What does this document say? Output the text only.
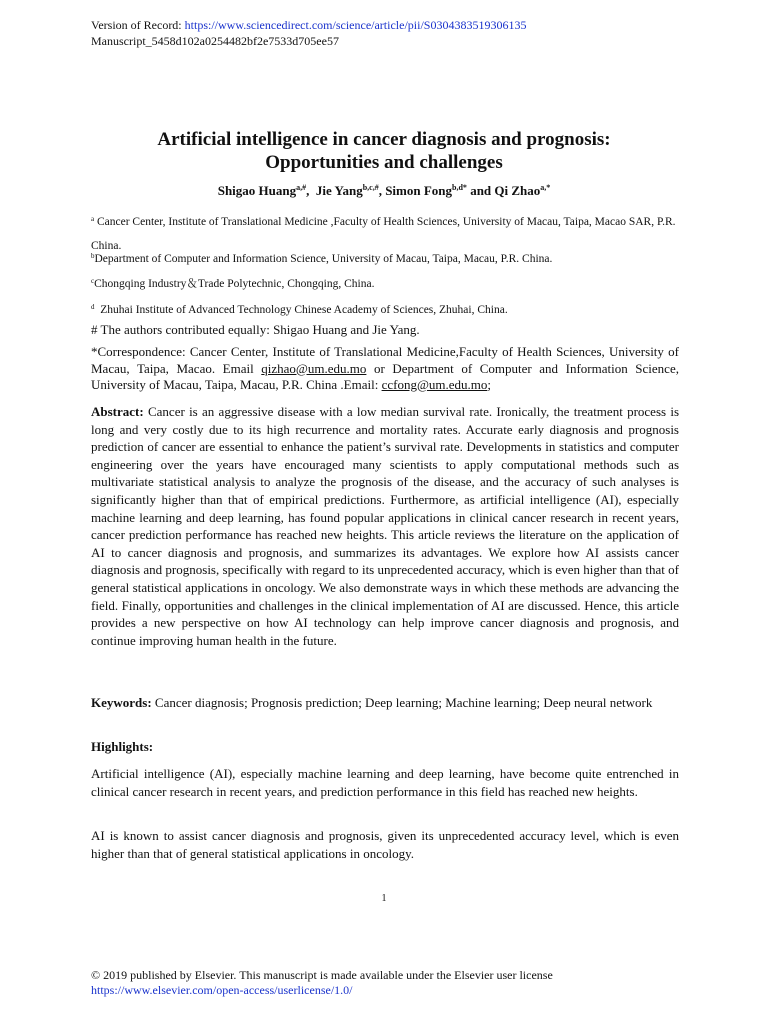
Version of Record: https://www.sciencedirect.com/science/article/pii/S0304383519306135
Manuscript_5458d102a0254482bf2e7533d705ee57
Artificial intelligence in cancer diagnosis and prognosis:
Opportunities and challenges
Shigao Huang$^{a,\#}$,  Jie Yang$^{b,c,\#}$, Simon Fong$^{b,d*}$ and Qi Zhao$^{a,*}$
$^a$ Cancer Center, Institute of Translational Medicine ,Faculty of Health Sciences, University of Macau, Taipa, Macao SAR, P.R. China.
$^b$Department of Computer and Information Science, University of Macau, Taipa, Macau, P.R. China.
$^c$Chongqing Industry＆Trade Polytechnic, Chongqing, China.
$^d$  Zhuhai Institute of Advanced Technology Chinese Academy of Sciences, Zhuhai, China.
# The authors contributed equally: Shigao Huang and Jie Yang.
*Correspondence: Cancer Center, Institute of Translational Medicine,Faculty of Health Sciences, University of Macau, Taipa, Macao. Email qizhao@um.edu.mo or Department of Computer and Information Science, University of Macau, Taipa, Macau, P.R. China .Email: ccfong@um.edu.mo;
Abstract: Cancer is an aggressive disease with a low median survival rate. Ironically, the treatment process is long and very costly due to its high recurrence and mortality rates. Accurate early diagnosis and prognosis prediction of cancer are essential to enhance the patient’s survival rate. Developments in statistics and computer engineering over the years have encouraged many scientists to apply computational methods such as multivariate statistical analysis to analyze the prognosis of the disease, and the accuracy of such analyses is significantly higher than that of empirical predictions. Furthermore, as artificial intelligence (AI), especially machine learning and deep learning, has found popular applications in clinical cancer research in recent years, cancer prediction performance has reached new heights. This article reviews the literature on the application of AI to cancer diagnosis and prognosis, and summarizes its advantages. We explore how AI assists cancer diagnosis and prognosis, specifically with regard to its unprecedented accuracy, which is even higher than that of general statistical applications in oncology. We also demonstrate ways in which these methods are advancing the field. Finally, opportunities and challenges in the clinical implementation of AI are discussed. Hence, this article provides a new perspective on how AI technology can help improve cancer diagnosis and prognosis, and continue improving human health in the future.
Keywords: Cancer diagnosis; Prognosis prediction; Deep learning; Machine learning; Deep neural network
Highlights:
Artificial intelligence (AI), especially machine learning and deep learning, have become quite entrenched in clinical cancer research in recent years, and prediction performance in this field has reached new heights.
AI is known to assist cancer diagnosis and prognosis, given its unprecedented accuracy level, which is even higher than that of general statistical applications in oncology.
1
© 2019 published by Elsevier. This manuscript is made available under the Elsevier user license
https://www.elsevier.com/open-access/userlicense/1.0/
